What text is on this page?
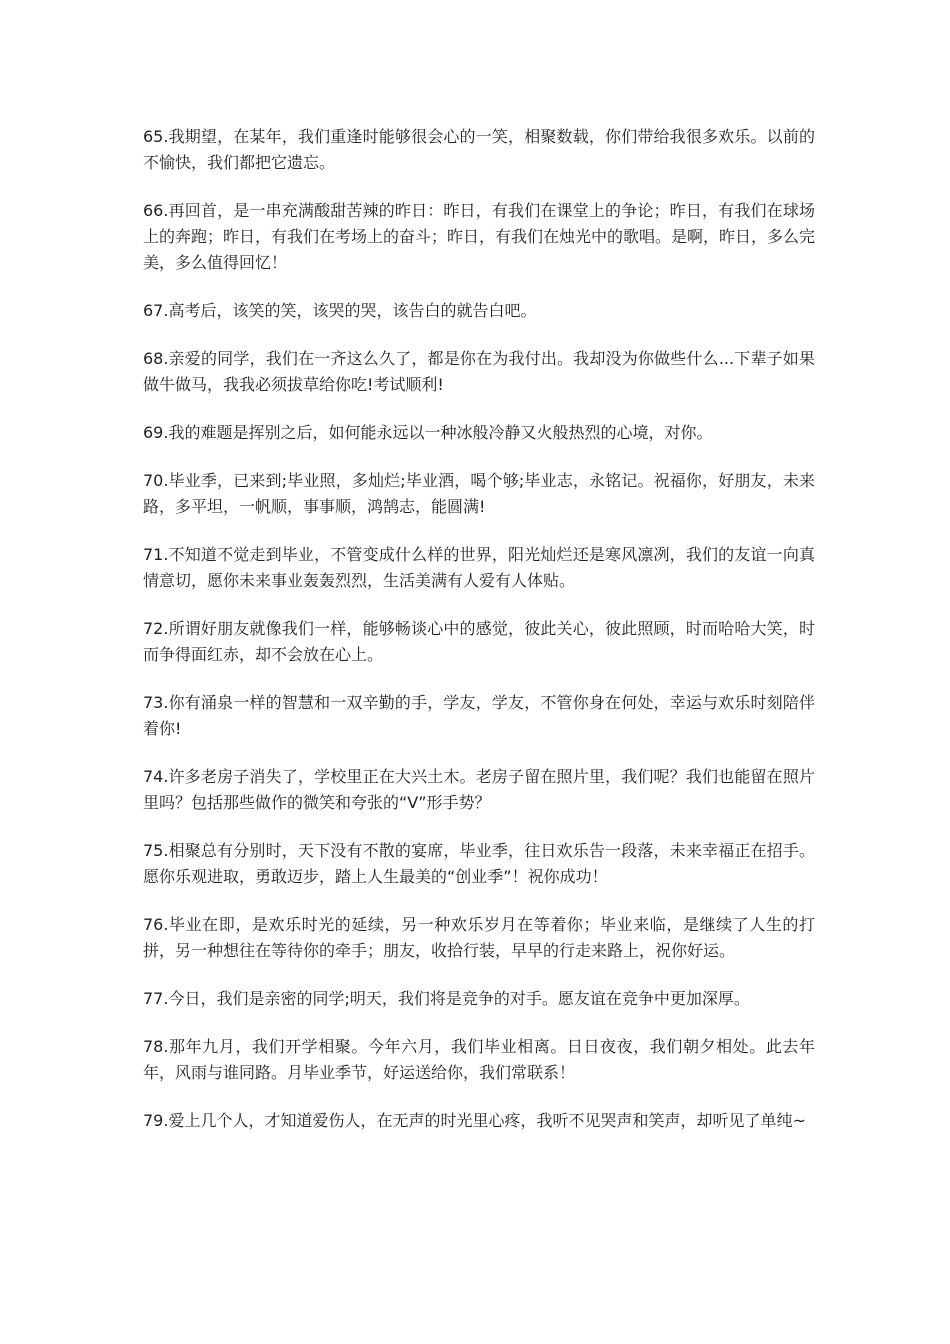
65.我期望，在某年，我们重逢时能够很会心的一笑，相聚数载，你们带给我很多欢乐。以前的不愉快，我们都把它遗忘。

66.再回首，是一串充满酸甜苦辣的昨日：昨日，有我们在课堂上的争论；昨日，有我们在球场上的奔跑；昨日，有我们在考场上的奋斗；昨日，有我们在烛光中的歌唱。是啊，昨日，多么完美，多么值得回忆！

67.高考后，该笑的笑，该哭的哭，该告白的就告白吧。

68.亲爱的同学，我们在一齐这么久了，都是你在为我付出。我却没为你做些什么...下辈子如果做牛做马，我我必须拔草给你吃!考试顺利!

69.我的难题是挥别之后，如何能永远以一种冰般冷静又火般热烈的心境，对你。

70.毕业季，已来到;毕业照，多灿烂;毕业酒，喝个够;毕业志，永铭记。祝福你，好朋友，未来路，多平坦，一帆顺，事事顺，鸿鹄志，能圆满!

71.不知道不觉走到毕业，不管变成什么样的世界，阳光灿烂还是寒风凛冽，我们的友谊一向真情意切，愿你未来事业轰轰烈烈，生活美满有人爱有人体贴。

72.所谓好朋友就像我们一样，能够畅谈心中的感觉，彼此关心，彼此照顾，时而哈哈大笑，时而争得面红赤，却不会放在心上。

73.你有涌泉一样的智慧和一双辛勤的手，学友，学友，不管你身在何处，幸运与欢乐时刻陪伴着你!

74.许多老房子消失了，学校里正在大兴土木。老房子留在照片里，我们呢？我们也能留在照片里吗？包括那些做作的微笑和夸张的“V”形手势？

75.相聚总有分别时，天下没有不散的宴席，毕业季，往日欢乐告一段落，未来幸福正在招手。愿你乐观进取，勇敢迈步，踏上人生最美的“创业季”！祝你成功！

76.毕业在即，是欢乐时光的延续，另一种欢乐岁月在等着你；毕业来临，是继续了人生的打拼，另一种想往在等待你的牵手；朋友，收拾行装，早早的行走来路上，祝你好运。

77.今日，我们是亲密的同学;明天，我们将是竞争的对手。愿友谊在竞争中更加深厚。

78.那年九月，我们开学相聚。今年六月，我们毕业相离。日日夜夜，我们朝夕相处。此去年年，风雨与谁同路。月毕业季节，好运送给你，我们常联系！

79.爱上几个人，才知道爱伤人，在无声的时光里心疼，我听不见哭声和笑声，却听见了单纯~
